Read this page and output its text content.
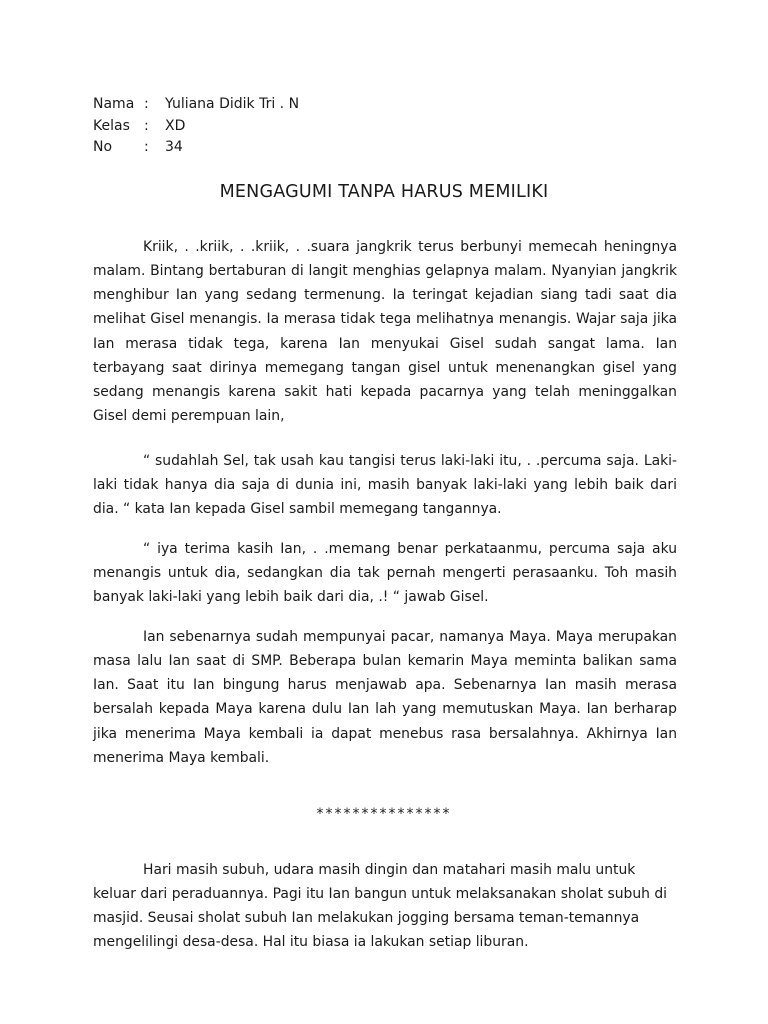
Nama :	Yuliana Didik Tri . N
Kelas	:	XD
No	:	34
MENGAGUMI TANPA HARUS MEMILIKI

Kriik, . .kriik, . .kriik, . .suara jangkrik terus berbunyi memecah heningnya malam. Bintang bertaburan di langit menghias gelapnya malam. Nyanyian jangkrik menghibur Ian yang sedang termenung. Ia teringat kejadian siang tadi saat dia melihat Gisel menangis. Ia merasa tidak tega melihatnya menangis. Wajar saja jika Ian merasa tidak tega, karena Ian menyukai Gisel sudah sangat lama. Ian terbayang saat dirinya memegang tangan gisel untuk menenangkan gisel yang sedang menangis karena sakit hati kepada pacarnya yang telah meninggalkan Gisel demi perempuan lain,

“ sudahlah Sel, tak usah kau tangisi terus laki-laki itu, . .percuma saja. Laki-laki tidak hanya dia saja di dunia ini, masih banyak laki-laki yang lebih baik dari dia. “ kata Ian kepada Gisel sambil memegang tangannya.

“ iya terima kasih Ian, . .memang benar perkataanmu, percuma saja aku menangis untuk dia, sedangkan dia tak pernah mengerti perasaanku. Toh masih banyak laki-laki yang lebih baik dari dia, .! “ jawab Gisel.

Ian sebenarnya sudah mempunyai pacar, namanya Maya. Maya merupakan masa lalu Ian saat di SMP. Beberapa bulan kemarin Maya meminta balikan sama Ian. Saat itu Ian bingung harus menjawab apa. Sebenarnya Ian masih merasa bersalah kepada Maya karena dulu Ian lah yang memutuskan Maya. Ian berharap jika menerima Maya kembali ia dapat menebus rasa bersalahnya. Akhirnya Ian menerima Maya kembali.

***************

Hari masih subuh, udara masih dingin dan matahari masih malu untuk keluar dari peraduannya. Pagi itu Ian bangun untuk melaksanakan sholat subuh di masjid. Seusai sholat subuh Ian melakukan jogging bersama teman-temannya mengelilingi desa-desa. Hal itu biasa ia lakukan setiap liburan.
